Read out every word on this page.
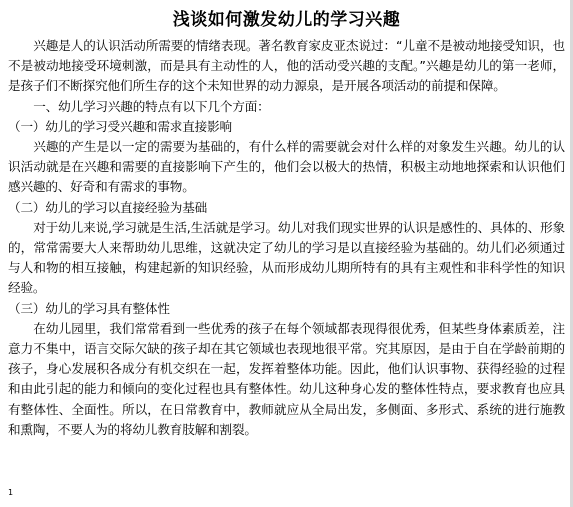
浅谈如何激发幼儿的学习兴趣

兴趣是人的认识活动所需要的情绪表现。著名教育家皮亚杰说过：“儿童不是被动地接受知识，也不是被动地接受环境刺激，而是具有主动性的人，他的活动受兴趣的支配。”兴趣是幼儿的第一老师，是孩子们不断探究他们所生存的这个未知世界的动力源泉，是开展各项活动的前提和保障。

一、幼儿学习兴趣的特点有以下几个方面：

（一）幼儿的学习受兴趣和需求直接影响

兴趣的产生是以一定的需要为基础的，有什么样的需要就会对什么样的对象发生兴趣。幼儿的认识活动就是在兴趣和需要的直接影响下产生的，他们会以极大的热情，积极主动地地探索和认识他们感兴趣的、好奇和有需求的事物。

（二）幼儿的学习以直接经验为基础

对于幼儿来说,学习就是生活,生活就是学习。幼儿对我们现实世界的认识是感性的、具体的、形象的，常常需要大人来帮助幼儿思维，这就决定了幼儿的学习是以直接经验为基础的。幼儿们必须通过与人和物的相互接触，构建起新的知识经验，从而形成幼儿期所特有的具有主观性和非科学性的知识经验。

（三）幼儿的学习具有整体性

在幼儿园里，我们常常看到一些优秀的孩子在每个领域都表现得很优秀，但某些身体素质差，注意力不集中，语言交际欠缺的孩子却在其它领域也表现地很平常。究其原因，是由于自在学龄前期的孩子，身心发展积各成分有机交织在一起，发挥着整体功能。因此，他们认识事物、获得经验的过程和由此引起的能力和倾向的变化过程也具有整体性。幼儿这种身心发的整体性特点，要求教育也应具有整体性、全面性。所以，在日常教育中，教师就应从全局出发，多侧面、多形式、系统的进行施教和熏陶，不要人为的将幼儿教育肢解和割裂。

1
